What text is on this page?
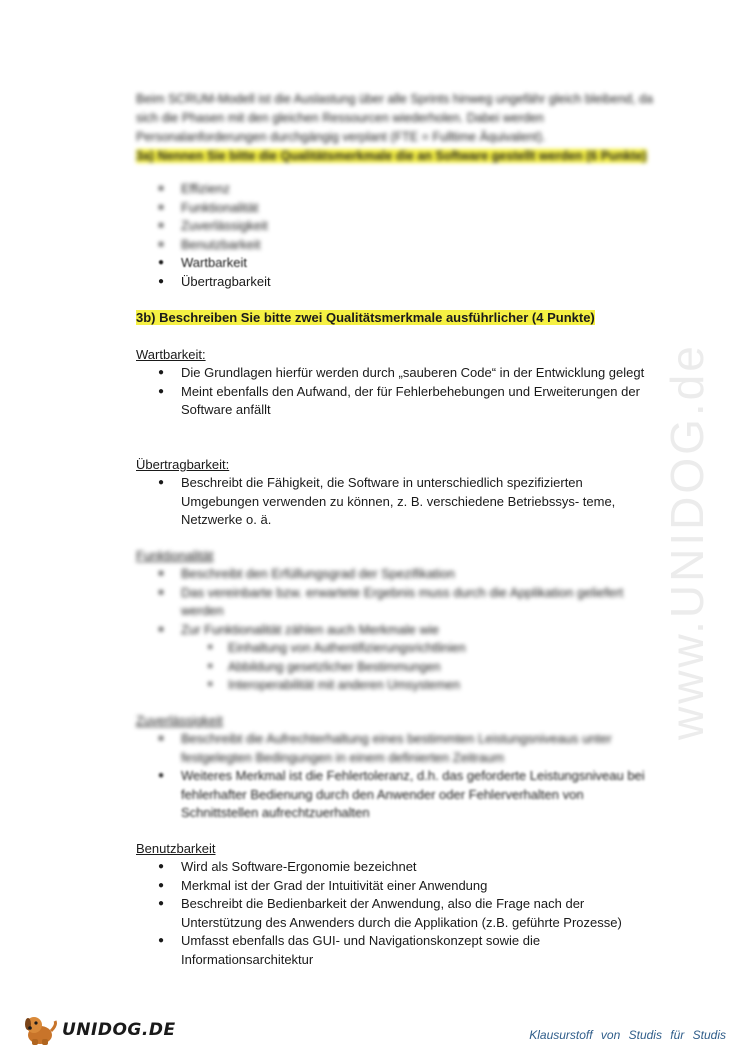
www.UNIDOG.de

Beim SCRUM-Modell ist die Auslastung über alle Sprints hinweg ungefähr gleich bleibend, da sich die Phasen mit den gleichen Ressourcen wiederholen. Dabei werden Personalanforderungen durchgängig verplant (FTE = Fulltime Äquivalent).

3a) Nennen Sie bitte die Qualitätsmerkmale die an Software gestellt werden (6 Punkte)

● Effizienz
● Funktionalität
● Zuverlässigkeit
● Benutzbarkeit
● Wartbarkeit
● Übertragbarkeit
3b) Beschreiben Sie bitte zwei Qualitätsmerkmale ausführlicher (4 Punkte)
Wartbarkeit:
● Die Grundlagen hierfür werden durch „sauberen Code“ in der Entwicklung gelegt
● Meint ebenfalls den Aufwand, der für Fehlerbehebungen und Erweiterungen der Software anfällt
Übertragbarkeit:
● Beschreibt die Fähigkeit, die Software in unterschiedlich spezifizierten Umgebungen verwenden zu können, z. B. verschiedene Betriebssys- teme, Netzwerke o. ä.
Funktionalität
● Beschreibt den Erfüllungsgrad der Spezifikation
● Das vereinbarte bzw. erwartete Ergebnis muss durch die Applikation geliefert werden
● Zur Funktionalität zählen auch Merkmale wie
■ Einhaltung von Authentifizierungsrichtlinien
■ Abbildung gesetzlicher Bestimmungen
■ Interoperabilität mit anderen Umsystemen
Zuverlässigkeit
● Beschreibt die Aufrechterhaltung eines bestimmten Leistungsniveaus unter festgelegten Bedingungen in einem definierten Zeitraum
● Weiteres Merkmal ist die Fehlertoleranz, d.h. das geforderte Leistungsniveau bei fehlerhafter Bedienung durch den Anwender oder Fehlerverhalten von Schnittstellen aufrechtzuerhalten
Benutzbarkeit
● Wird als Software-Ergonomie bezeichnet
● Merkmal ist der Grad der Intuitivität einer Anwendung
● Beschreibt die Bedienbarkeit der Anwendung, also die Frage nach der Unterstützung des Anwenders durch die Applikation (z.B. geführte Prozesse)
● Umfasst ebenfalls das GUI- und Navigationskonzept sowie die Informationsarchitektur
UNIDOG.DE	Klausurstoff von Studis für Studis
